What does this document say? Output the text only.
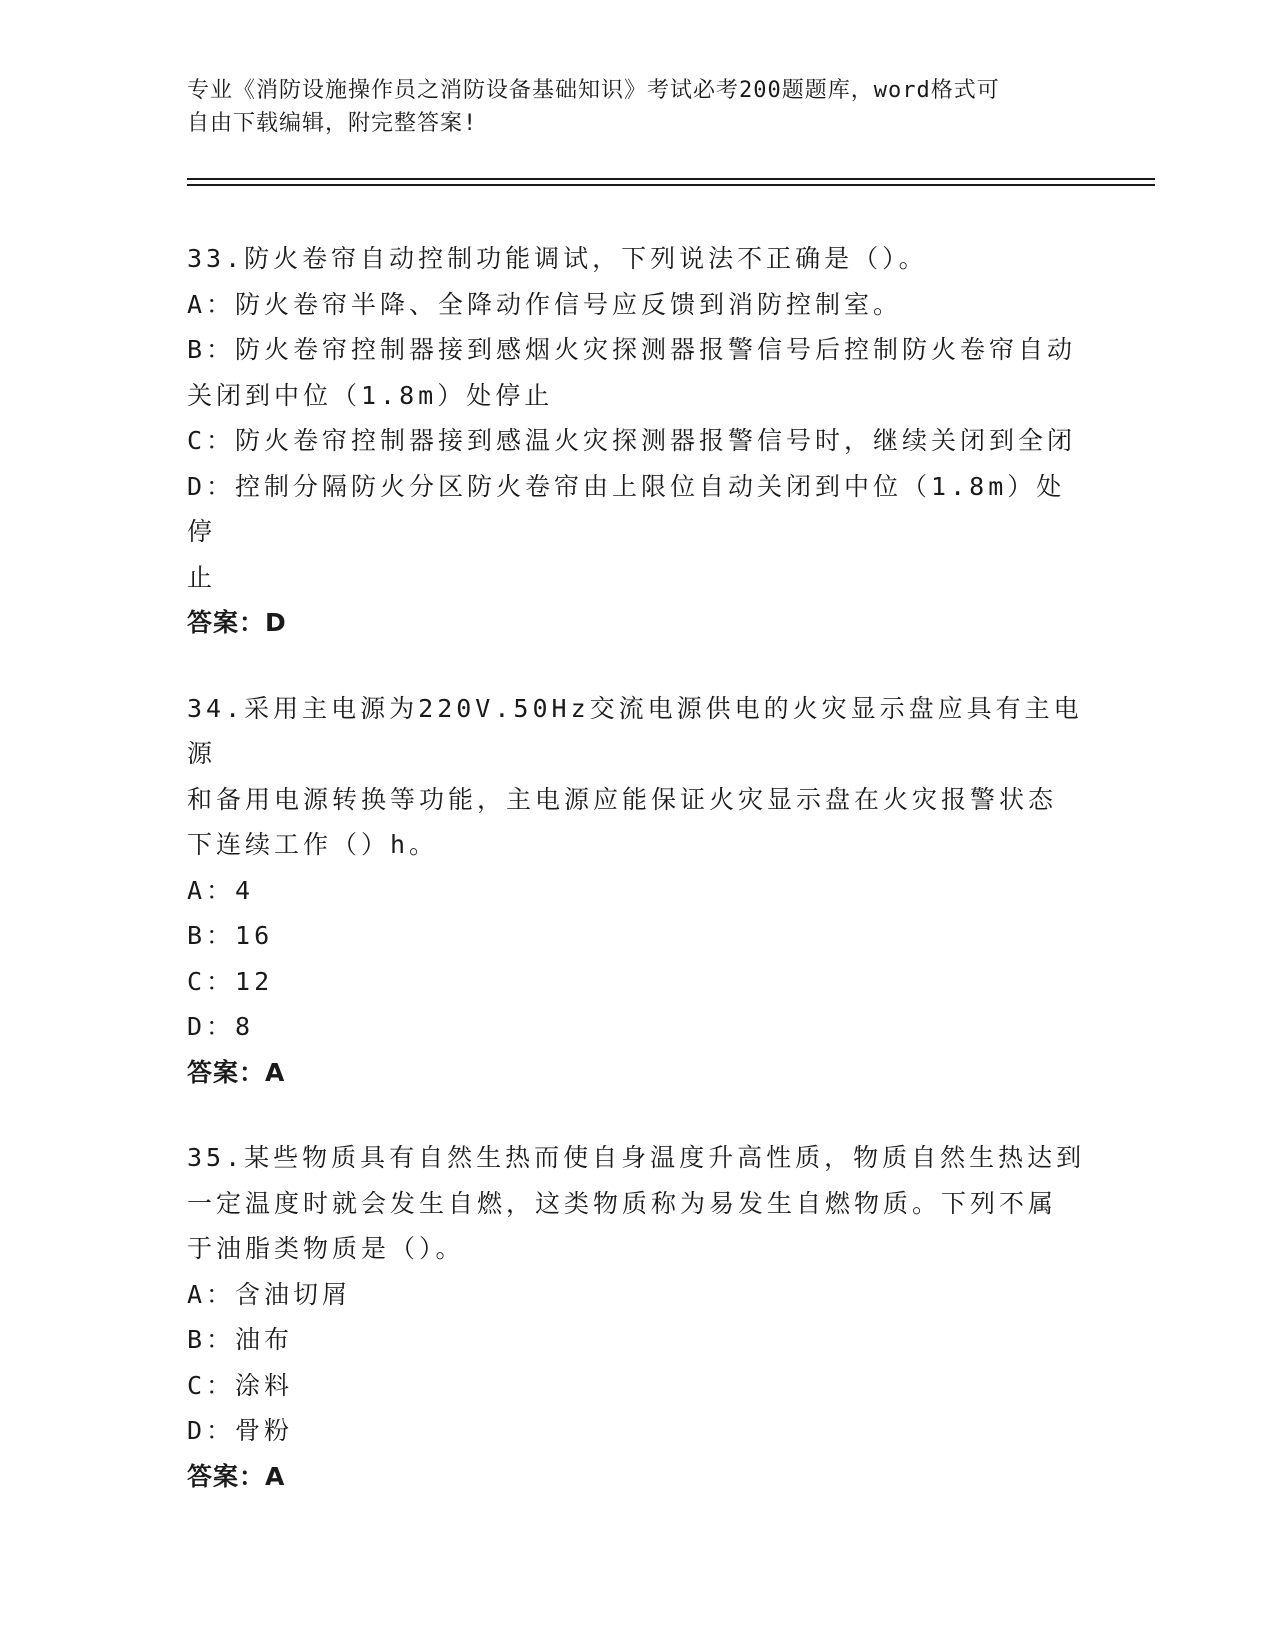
专业《消防设施操作员之消防设备基础知识》考试必考200题题库，word格式可
自由下载编辑，附完整答案!
33.防火卷帘自动控制功能调试，下列说法不正确是（）。
A：防火卷帘半降、全降动作信号应反馈到消防控制室。
B：防火卷帘控制器接到感烟火灾探测器报警信号后控制防火卷帘自动
关闭到中位（1.8m）处停止
C：防火卷帘控制器接到感温火灾探测器报警信号时，继续关闭到全闭
D：控制分隔防火分区防火卷帘由上限位自动关闭到中位（1.8m）处停
止
答案：D
34.采用主电源为220V.50Hz交流电源供电的火灾显示盘应具有主电源
和备用电源转换等功能，主电源应能保证火灾显示盘在火灾报警状态
下连续工作（）h。
A：4
B：16
C：12
D：8
答案：A
35.某些物质具有自然生热而使自身温度升高性质，物质自然生热达到
一定温度时就会发生自燃，这类物质称为易发生自燃物质。下列不属
于油脂类物质是（）。
A：含油切屑
B：油布
C：涂料
D：骨粉
答案：A
